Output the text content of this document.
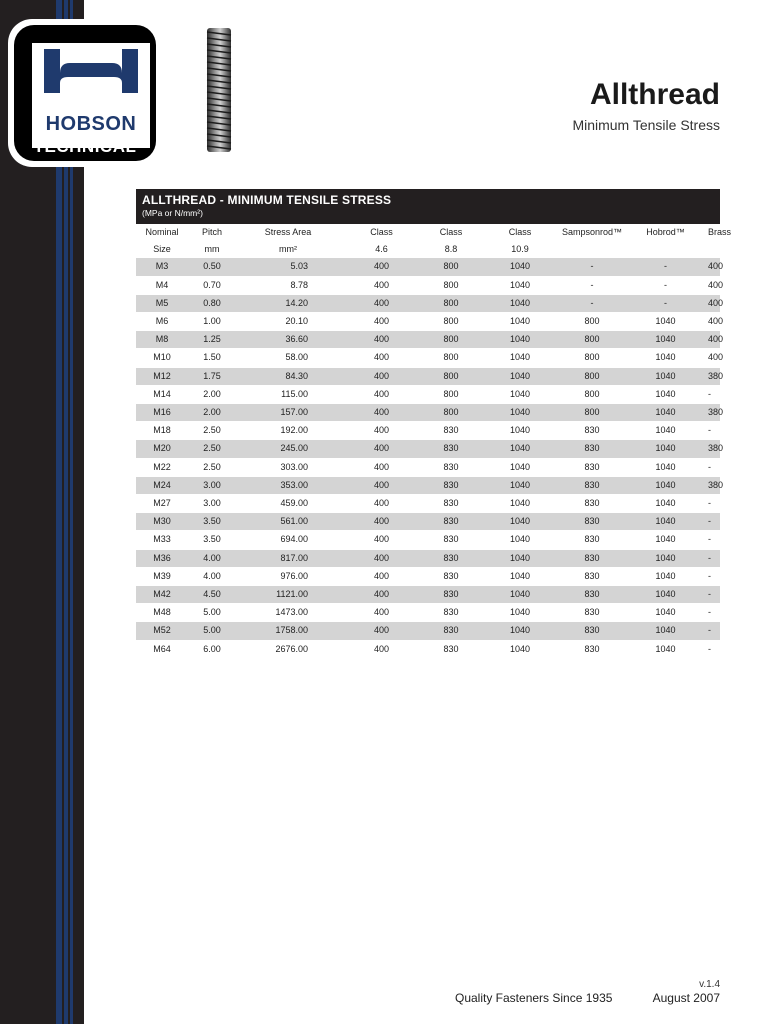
HOBSON
TECHNICAL
Allthread
Minimum Tensile Stress
ALLTHREAD - MINIMUM TENSILE STRESS
(MPa or N/mm²)
Nominal	Pitch	Stress Area	Class	Class	Class	Sampsonrod™	Hobrod™	Brass
Size	mm	mm²	4.6	8.8	10.9			
M3	0.50	5.03	400	800	1040	-	-	400
M4	0.70	8.78	400	800	1040	-	-	400
M5	0.80	14.20	400	800	1040	-	-	400
M6	1.00	20.10	400	800	1040	800	1040	400
M8	1.25	36.60	400	800	1040	800	1040	400
M10	1.50	58.00	400	800	1040	800	1040	400
M12	1.75	84.30	400	800	1040	800	1040	380
M14	2.00	115.00	400	800	1040	800	1040	-
M16	2.00	157.00	400	800	1040	800	1040	380
M18	2.50	192.00	400	830	1040	830	1040	-
M20	2.50	245.00	400	830	1040	830	1040	380
M22	2.50	303.00	400	830	1040	830	1040	-
M24	3.00	353.00	400	830	1040	830	1040	380
M27	3.00	459.00	400	830	1040	830	1040	-
M30	3.50	561.00	400	830	1040	830	1040	-
M33	3.50	694.00	400	830	1040	830	1040	-
M36	4.00	817.00	400	830	1040	830	1040	-
M39	4.00	976.00	400	830	1040	830	1040	-
M42	4.50	1121.00	400	830	1040	830	1040	-
M48	5.00	1473.00	400	830	1040	830	1040	-
M52	5.00	1758.00	400	830	1040	830	1040	-
M64	6.00	2676.00	400	830	1040	830	1040	-
v.1.4
Quality Fasteners Since 1935	August 2007
